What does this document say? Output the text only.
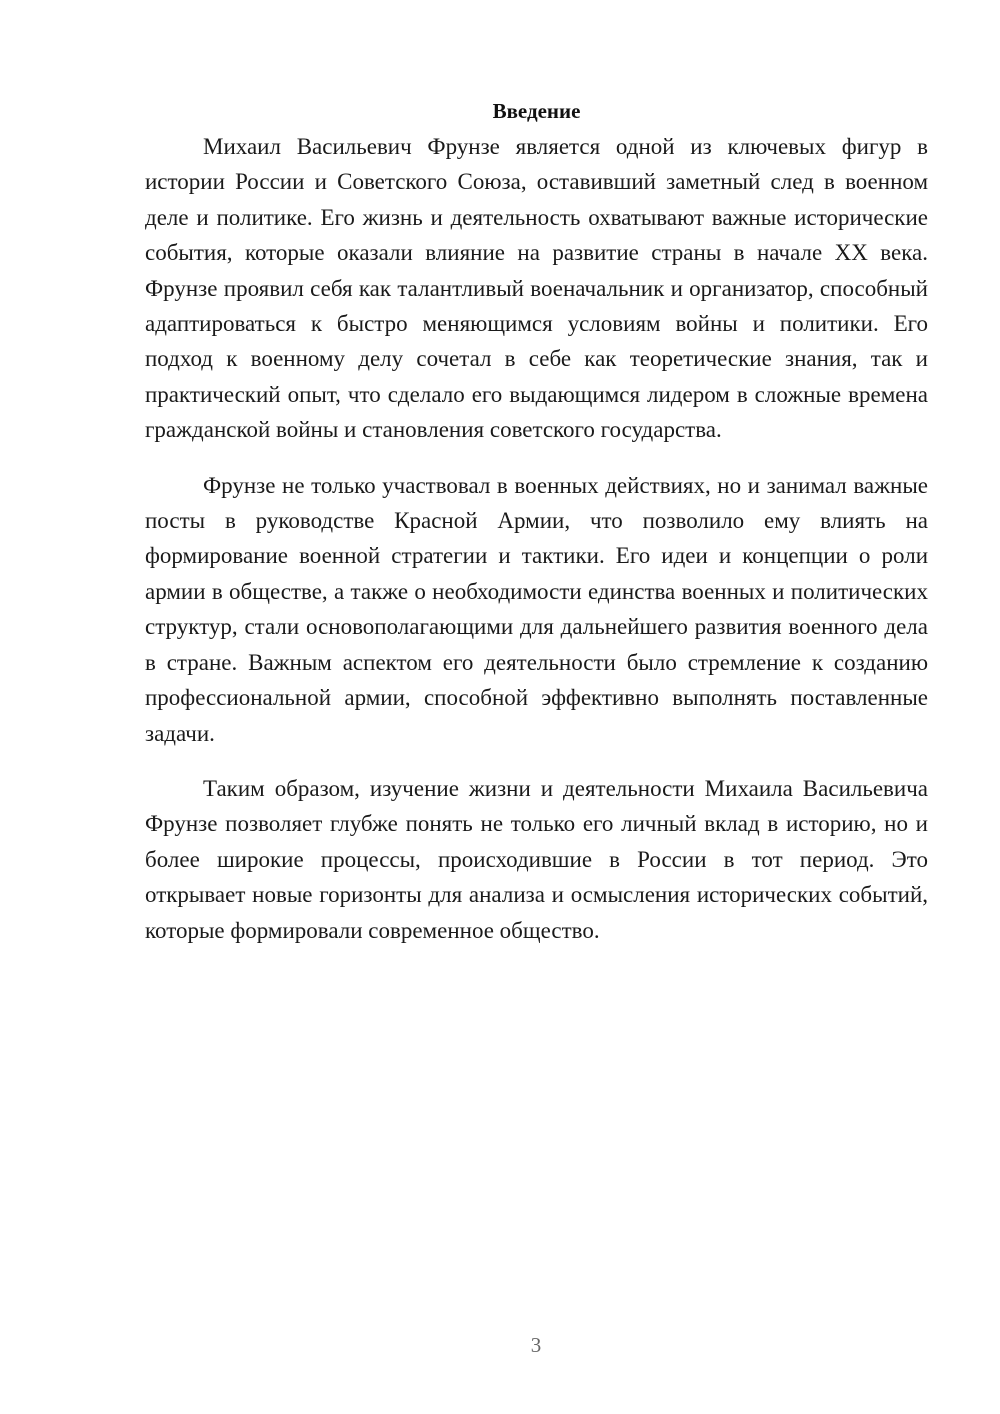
Введение

Михаил Васильевич Фрунзе является одной из ключевых фигур в истории России и Советского Союза, оставивший заметный след в военном деле и политике. Его жизнь и деятельность охватывают важные исторические события, которые оказали влияние на развитие страны в начале XX века. Фрунзе проявил себя как талантливый военачальник и организатор, способный адаптироваться к быстро меняющимся условиям войны и политики. Его подход к военному делу сочетал в себе как теоретические знания, так и практический опыт, что сделало его выдающимся лидером в сложные времена гражданской войны и становления советского государства.

Фрунзе не только участвовал в военных действиях, но и занимал важные посты в руководстве Красной Армии, что позволило ему влиять на формирование военной стратегии и тактики. Его идеи и концепции о роли армии в обществе, а также о необходимости единства военных и политических структур, стали основополагающими для дальнейшего развития военного дела в стране. Важным аспектом его деятельности было стремление к созданию профессиональной армии, способной эффективно выполнять поставленные задачи.

Таким образом, изучение жизни и деятельности Михаила Васильевича Фрунзе позволяет глубже понять не только его личный вклад в историю, но и более широкие процессы, происходившие в России в тот период. Это открывает новые горизонты для анализа и осмысления исторических событий, которые формировали современное общество.

3
